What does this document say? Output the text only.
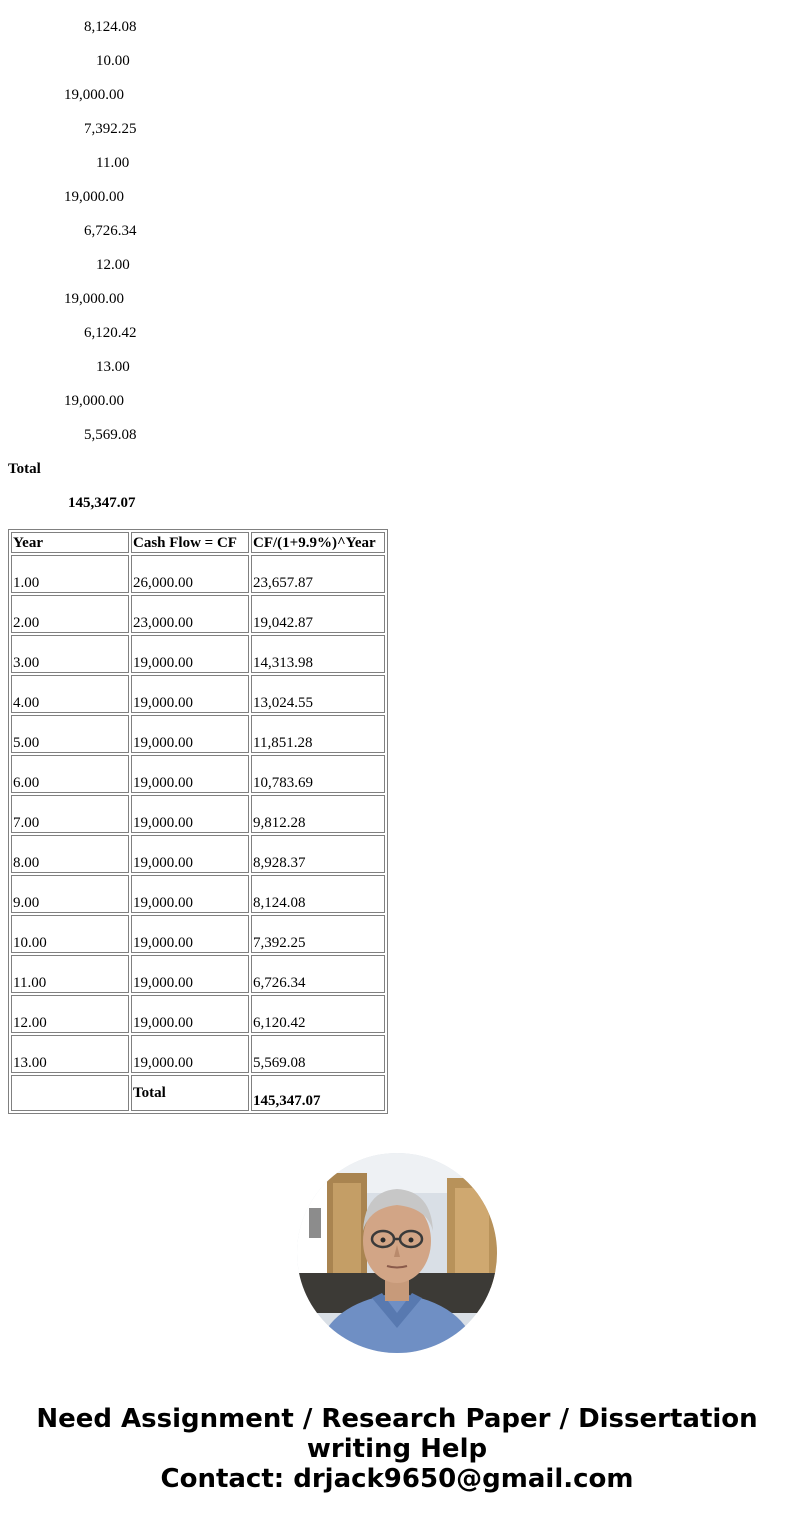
8,124.08
10.00
19,000.00
7,392.25
11.00
19,000.00
6,726.34
12.00
19,000.00
6,120.42
13.00
19,000.00
5,569.08
Total
145,347.07
Year	Cash Flow = CF	CF/(1+9.9%)^Year
1.00	26,000.00	23,657.87
2.00	23,000.00	19,042.87
3.00	19,000.00	14,313.98
4.00	19,000.00	13,024.55
5.00	19,000.00	11,851.28
6.00	19,000.00	10,783.69
7.00	19,000.00	9,812.28
8.00	19,000.00	8,928.37
9.00	19,000.00	8,124.08
10.00	19,000.00	7,392.25
11.00	19,000.00	6,726.34
12.00	19,000.00	6,120.42
13.00	19,000.00	5,569.08
	Total	145,347.07
Need Assignment / Research Paper / Dissertation
writing Help
Contact: drjack9650@gmail.com
